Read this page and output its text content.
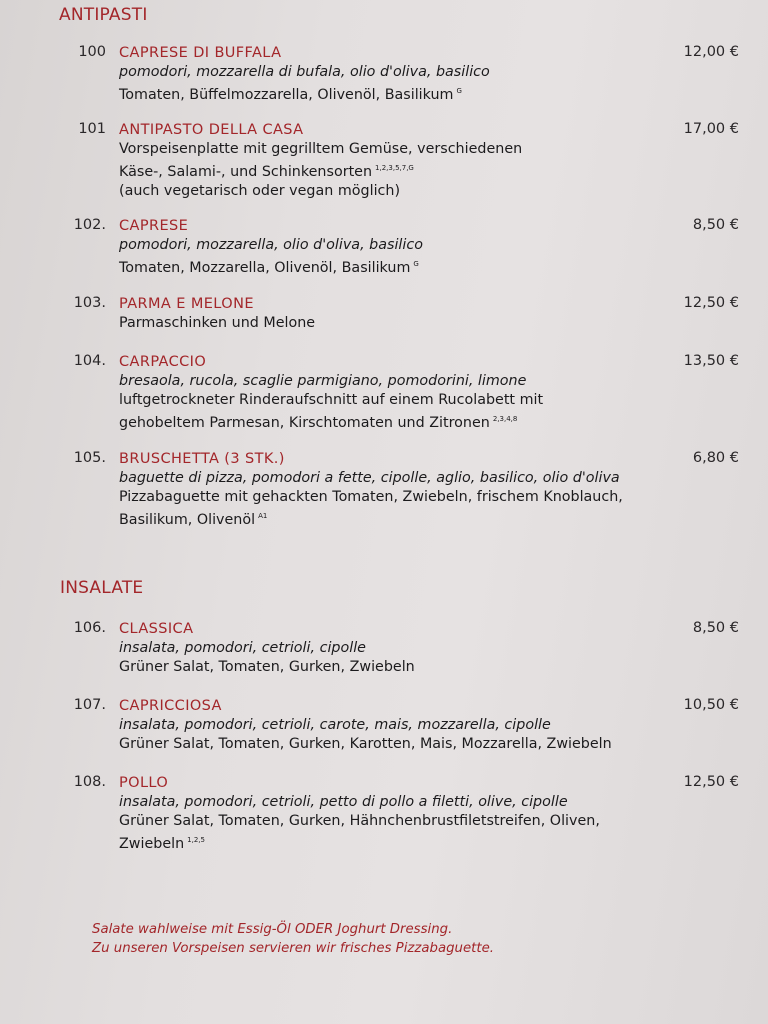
ANTIPASTI
100 CAPRESE DI BUFFALA
pomodori, mozzarella di bufala, olio d'oliva, basilico
Tomaten, Büffelmozzarella, Olivenöl, Basilikum $^G$
12,00 €
101 ANTIPASTO DELLA CASA
Vorspeisenplatte mit gegrilltem Gemüse, verschiedenen
Käse-, Salami-, und Schinkensorten $^{1,2,3,5,7,G}$
(auch vegetarisch oder vegan möglich)
17,00 €
102. CAPRESE
pomodori, mozzarella, olio d'oliva, basilico
Tomaten, Mozzarella, Olivenöl, Basilikum $^G$
8,50 €
103. PARMA E MELONE
Parmaschinken und Melone
12,50 €
104. CARPACCIO
bresaola, rucola, scaglie parmigiano, pomodorini, limone
luftgetrockneter Rinderaufschnitt auf einem Rucolabett mit
gehobeltem Parmesan, Kirschtomaten und Zitronen $^{2,3,4,8}$
13,50 €
105. BRUSCHETTA (3 STK.)
baguette di pizza, pomodori a fette, cipolle, aglio, basilico, olio d'oliva
Pizzabaguette mit gehackten Tomaten, Zwiebeln, frischem Knoblauch,
Basilikum, Olivenöl $^{A1}$
6,80 €
INSALATE
106. CLASSICA
insalata, pomodori, cetrioli, cipolle
Grüner Salat, Tomaten, Gurken, Zwiebeln
8,50 €
107. CAPRICCIOSA
insalata, pomodori, cetrioli, carote, mais, mozzarella, cipolle
Grüner Salat, Tomaten, Gurken, Karotten, Mais, Mozzarella, Zwiebeln
10,50 €
108. POLLO
insalata, pomodori, cetrioli, petto di pollo a filetti, olive, cipolle
Grüner Salat, Tomaten, Gurken, Hähnchenbrustfiletstreifen, Oliven,
Zwiebeln $^{1,2,5}$
12,50 €
Salate wahlweise mit Essig-Öl ODER Joghurt Dressing.
Zu unseren Vorspeisen servieren wir frisches Pizzabaguette.
